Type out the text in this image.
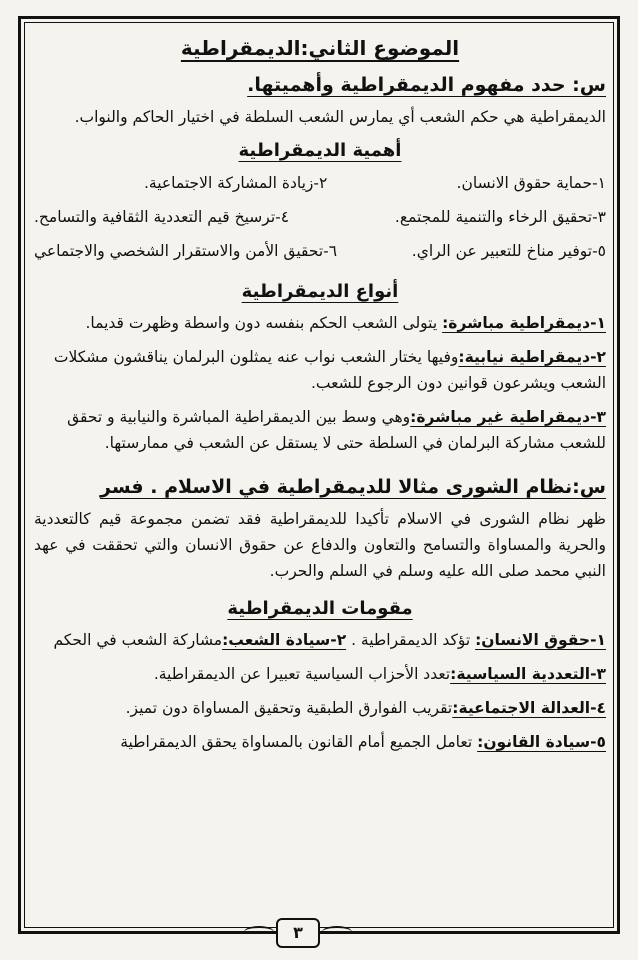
الموضوع الثاني:الديمقراطية
س: حدد مفهوم الديمقراطية وأهميتها.
الديمقراطية هي حكم الشعب أي يمارس الشعب السلطة في اختيار الحاكم والنواب.
أهمية الديمقراطية
١-حماية حقوق الانسان.
٢-زيادة المشاركة الاجتماعية.
٣-تحقيق الرخاء والتنمية للمجتمع.
٤-ترسيخ قيم التعددية الثقافية والتسامح.
٥-توفير مناخ للتعبير عن الراي.
٦-تحقيق الأمن والاستقرار الشخصي والاجتماعي
أنواع الديمقراطية
١-ديمقراطية مباشرة: يتولى الشعب الحكم بنفسه دون واسطة وظهرت قديما.
٢-ديمقراطية نيابية:وفيها يختار الشعب نواب عنه يمثلون البرلمان يناقشون مشكلات الشعب ويشرعون قوانين دون الرجوع للشعب.
٣-ديمقراطية غير مباشرة:وهي وسط بين الديمقراطية المباشرة والنيابية و تحقق للشعب مشاركة البرلمان في السلطة حتى لا يستقل عن الشعب في ممارستها.
س:نظام الشورى مثالا للديمقراطية في الاسلام . فسر
ظهر نظام الشورى في الاسلام تأكيدا للديمقراطية فقد تضمن مجموعة قيم كالتعددية والحرية والمساواة والتسامح والتعاون والدفاع عن حقوق الانسان والتي تحققت في عهد النبي محمد صلى الله عليه وسلم في السلم والحرب.
مقومات الديمقراطية
١-حقوق الانسان: تؤكد الديمقراطية . ٢-سيادة الشعب:مشاركة الشعب في الحكم
٣-التعددية السياسية:تعدد الأحزاب السياسية تعبيرا عن الديمقراطية.
٤-العدالة الاجتماعية:تقريب الفوارق الطبقية وتحقيق المساواة دون تميز.
٥-سيادة القانون: تعامل الجميع أمام القانون بالمساواة يحقق الديمقراطية
٣
